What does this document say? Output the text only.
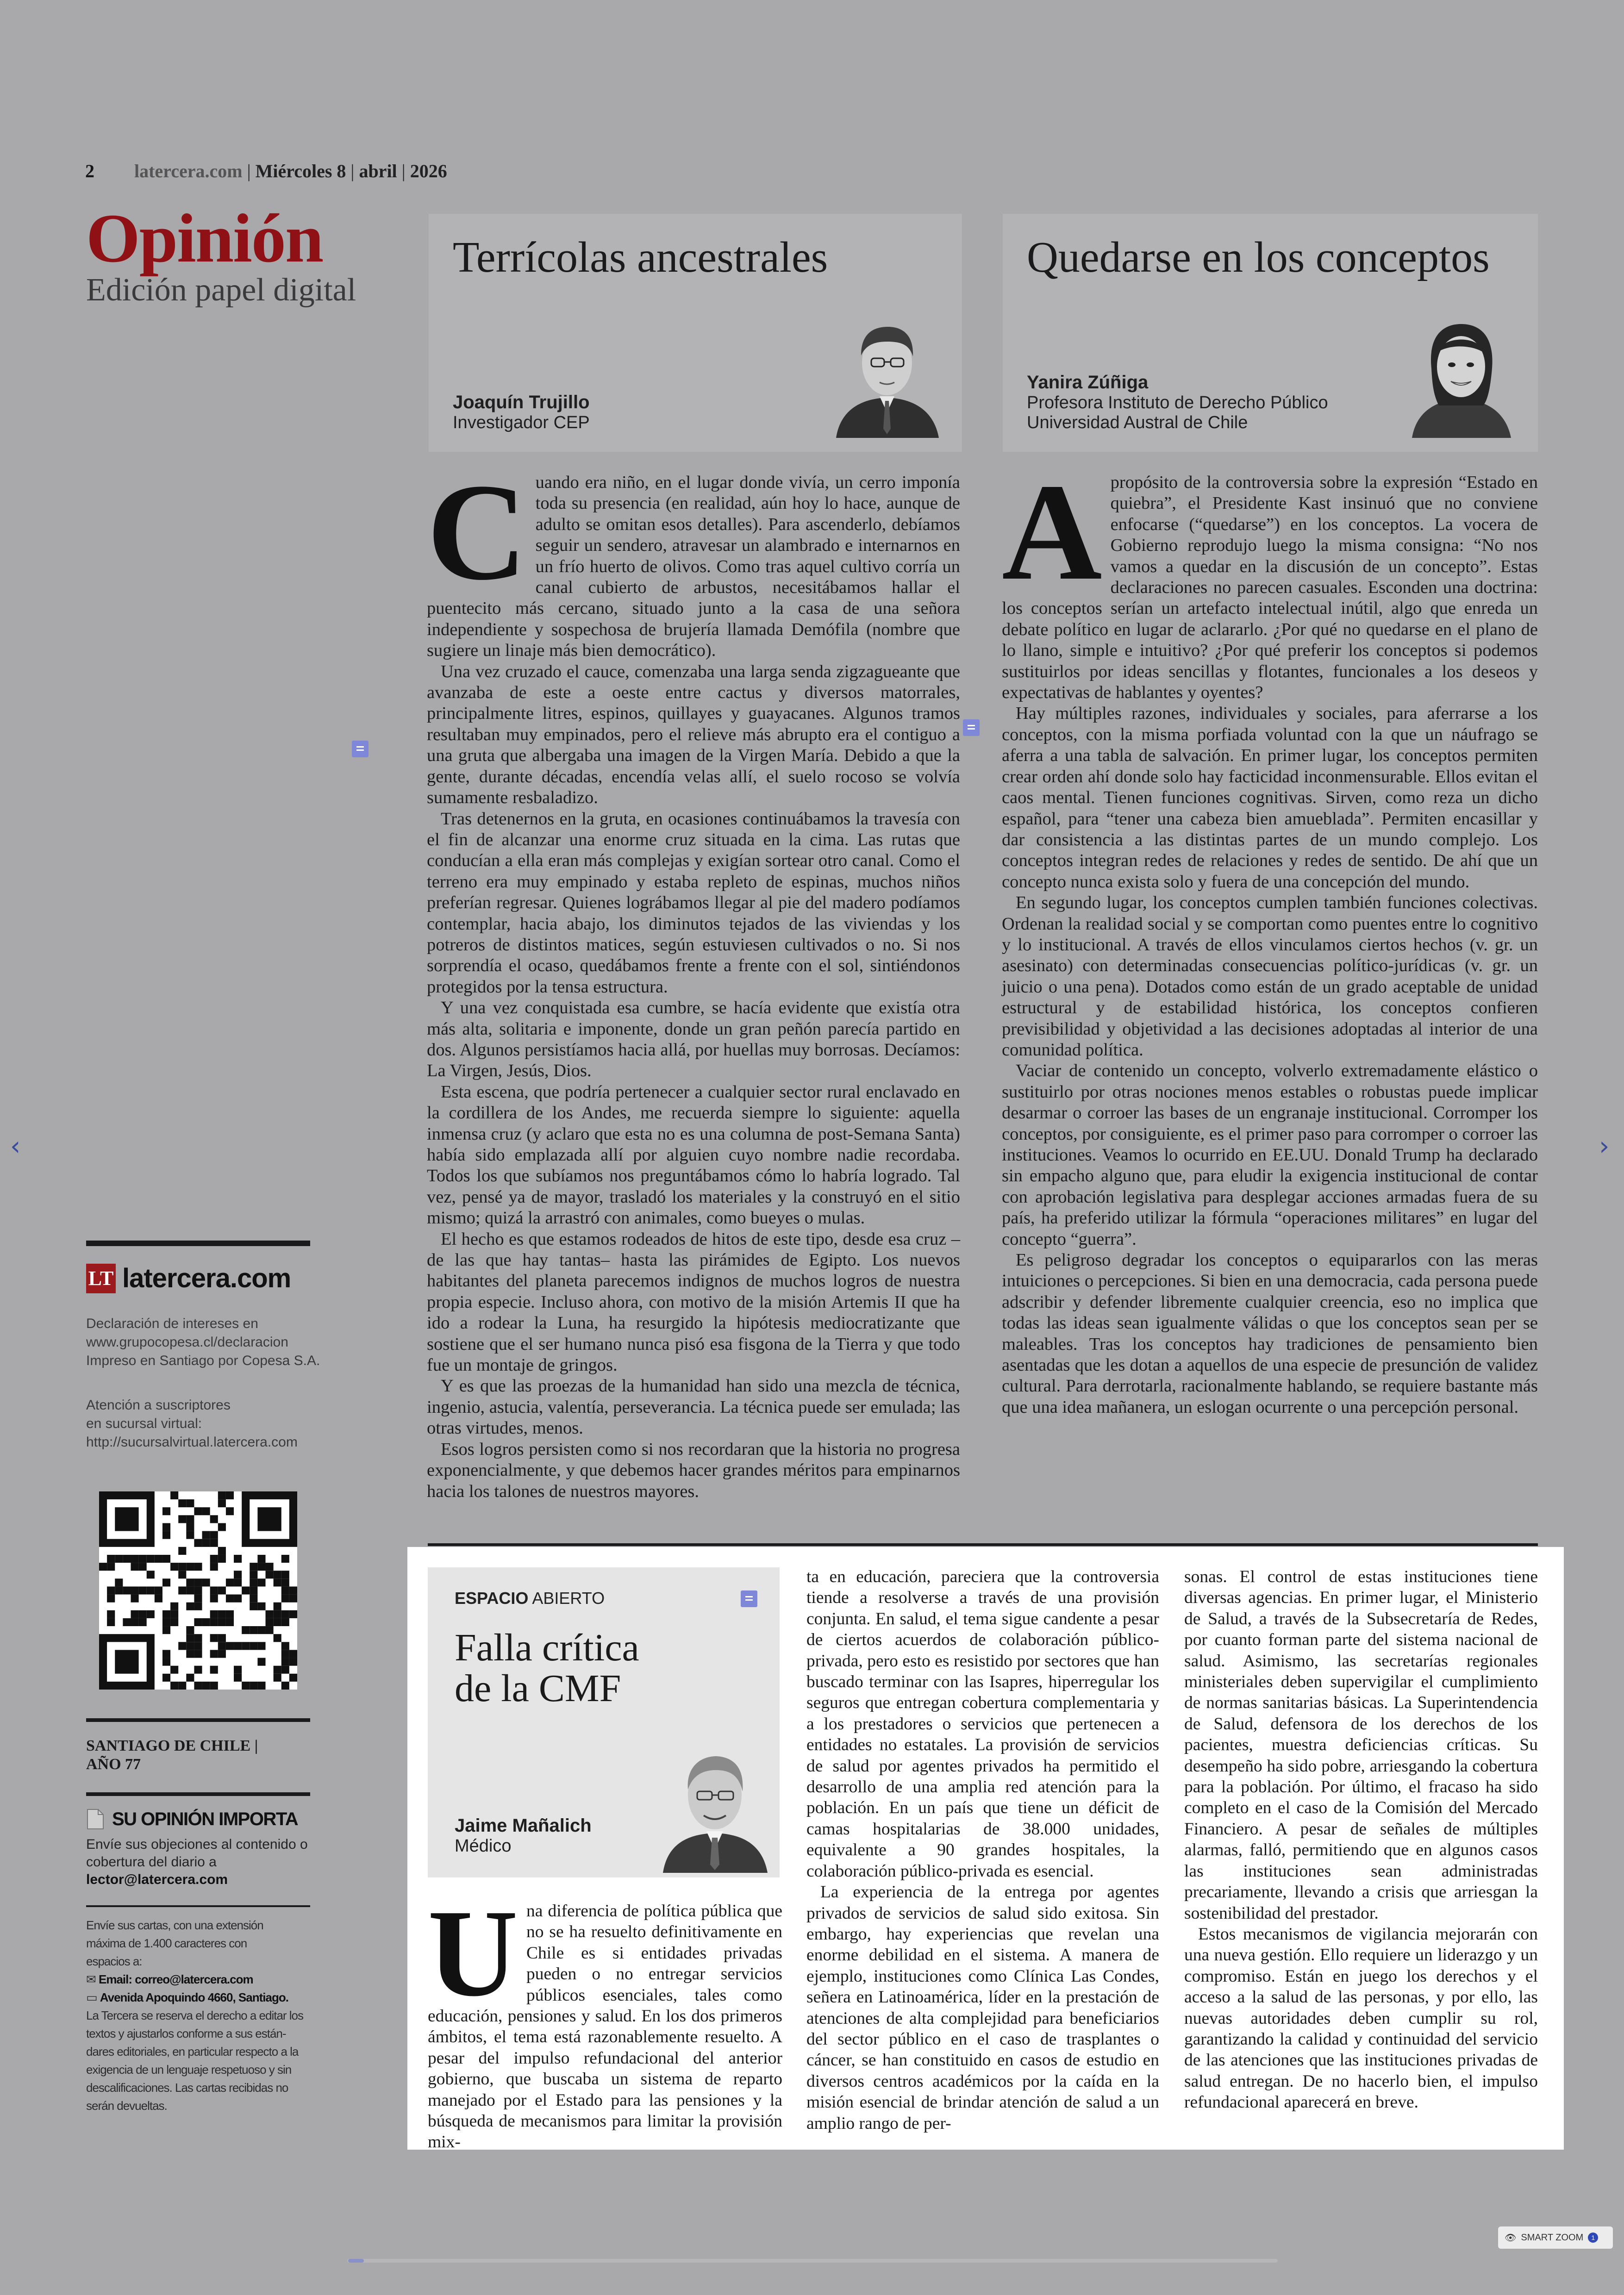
2 latercera.com | Miércoles 8 | abril | 2026
Opinión
Edición papel digital
Terrícolas ancestrales
Joaquín Trujillo
Investigador CEP
Quedarse en los conceptos
Yanira Zúñiga
Profesora Instituto de Derecho Público
Universidad Austral de Chile

Cuando era niño, en el lugar donde vivía, un cerro imponía toda su presencia (en realidad, aún hoy lo hace, aunque de adulto se omitan esos detalles). Para ascenderlo, debíamos seguir un sendero, atravesar un alambrado e internarnos en un frío huerto de olivos. Como tras aquel cultivo corría un canal cubierto de arbustos, necesitábamos hallar el puentecito más cercano, situado junto a la casa de una señora independiente y sospechosa de brujería llamada Demófila (nombre que sugiere un linaje más bien democrático).

Una vez cruzado el cauce, comenzaba una larga senda zigzagueante que avanzaba de este a oeste entre cactus y diversos matorrales, principalmente litres, espinos, quillayes y guayacanes. Algunos tramos resultaban muy empinados, pero el relieve más abrupto era el contiguo a una gruta que albergaba una imagen de la Virgen María. Debido a que la gente, durante décadas, encendía velas allí, el suelo rocoso se volvía sumamente resbaladizo.

Tras detenernos en la gruta, en ocasiones continuábamos la travesía con el fin de alcanzar una enorme cruz situada en la cima. Las rutas que conducían a ella eran más complejas y exigían sortear otro canal. Como el terreno era muy empinado y estaba repleto de espinas, muchos niños preferían regresar. Quienes lográbamos llegar al pie del madero podíamos contemplar, hacia abajo, los diminutos tejados de las viviendas y los potreros de distintos matices, según estuviesen cultivados o no. Si nos sorprendía el ocaso, quedábamos frente a frente con el sol, sintiéndonos protegidos por la tensa estructura.

Y una vez conquistada esa cumbre, se hacía evidente que existía otra más alta, solitaria e imponente, donde un gran peñón parecía partido en dos. Algunos persistíamos hacia allá, por huellas muy borrosas. Decíamos: La Virgen, Jesús, Dios.

Esta escena, que podría pertenecer a cualquier sector rural enclavado en la cordillera de los Andes, me recuerda siempre lo siguiente: aquella inmensa cruz (y aclaro que esta no es una columna de post-Semana Santa) había sido emplazada allí por alguien cuyo nombre nadie recordaba. Todos los que subíamos nos preguntábamos cómo lo habría logrado. Tal vez, pensé ya de mayor, trasladó los materiales y la construyó en el sitio mismo; quizá la arrastró con animales, como bueyes o mulas.

El hecho es que estamos rodeados de hitos de este tipo, desde esa cruz –de las que hay tantas– hasta las pirámides de Egipto. Los nuevos habitantes del planeta parecemos indignos de muchos logros de nuestra propia especie. Incluso ahora, con motivo de la misión Artemis II que ha ido a rodear la Luna, ha resurgido la hipótesis mediocratizante que sostiene que el ser humano nunca pisó esa fisgona de la Tierra y que todo fue un montaje de gringos.

Y es que las proezas de la humanidad han sido una mezcla de técnica, ingenio, astucia, valentía, perseverancia. La técnica puede ser emulada; las otras virtudes, menos.

Esos logros persisten como si nos recordaran que la historia no progresa exponencialmente, y que debemos hacer grandes méritos para empinarnos hacia los talones de nuestros mayores.

Apropósito de la controversia sobre la expresión “Estado en quiebra”, el Presidente Kast insinuó que no conviene enfocarse (“quedarse”) en los conceptos. La vocera de Gobierno reprodujo luego la misma consigna: “No nos vamos a quedar en la discusión de un concepto”. Estas declaraciones no parecen casuales. Esconden una doctrina: los conceptos serían un artefacto intelectual inútil, algo que enreda un debate político en lugar de aclararlo. ¿Por qué no quedarse en el plano de lo llano, simple e intuitivo? ¿Por qué preferir los conceptos si podemos sustituirlos por ideas sencillas y flotantes, funcionales a los deseos y expectativas de hablantes y oyentes?

Hay múltiples razones, individuales y sociales, para aferrarse a los conceptos, con la misma porfiada voluntad con la que un náufrago se aferra a una tabla de salvación. En primer lugar, los conceptos permiten crear orden ahí donde solo hay facticidad inconmensurable. Ellos evitan el caos mental. Tienen funciones cognitivas. Sirven, como reza un dicho español, para “tener una cabeza bien amueblada”. Permiten encasillar y dar consistencia a las distintas partes de un mundo complejo. Los conceptos integran redes de relaciones y redes de sentido. De ahí que un concepto nunca exista solo y fuera de una concepción del mundo.

En segundo lugar, los conceptos cumplen también funciones colectivas. Ordenan la realidad social y se comportan como puentes entre lo cognitivo y lo institucional. A través de ellos vinculamos ciertos hechos (v. gr. un asesinato) con determinadas consecuencias político-jurídicas (v. gr. un juicio o una pena). Dotados como están de un grado aceptable de unidad estructural y de estabilidad histórica, los conceptos confieren previsibilidad y objetividad a las decisiones adoptadas al interior de una comunidad política.

Vaciar de contenido un concepto, volverlo extremadamente elástico o sustituirlo por otras nociones menos estables o robustas puede implicar desarmar o corroer las bases de un engranaje institucional. Corromper los conceptos, por consiguiente, es el primer paso para corromper o corroer las instituciones. Veamos lo ocurrido en EE.UU. Donald Trump ha declarado sin empacho alguno que, para eludir la exigencia institucional de contar con aprobación legislativa para desplegar acciones armadas fuera de su país, ha preferido utilizar la fórmula “operaciones militares” en lugar del concepto “guerra”.

Es peligroso degradar los conceptos o equipararlos con las meras intuiciones o percepciones. Si bien en una democracia, cada persona puede adscribir y defender libremente cualquier creencia, eso no implica que todas las ideas sean igualmente válidas o que los conceptos sean per se maleables. Tras los conceptos hay tradiciones de pensamiento bien asentadas que les dotan a aquellos de una especie de presunción de validez cultural. Para derrotarla, racionalmente hablando, se requiere bastante más que una idea mañanera, un eslogan ocurrente o una percepción personal.

LT latercera.com
Declaración de intereses en
www.grupocopesa.cl/declaracion
Impreso en Santiago por Copesa S.A.
Atención a suscriptores
en sucursal virtual:
http://sucursalvirtual.latercera.com
SANTIAGO DE CHILE |
AÑO 77
SU OPINIÓN IMPORTA
Envíe sus objeciones al contenido o
cobertura del diario a
lector@latercera.com
Envíe sus cartas, con una extensión
máxima de 1.400 caracteres con
espacios a:
✉ Email: correo@latercera.com
▭ Avenida Apoquindo 4660, Santiago.
La Tercera se reserva el derecho a editar los
textos y ajustarlos conforme a sus están-
dares editoriales, en particular respecto a la
exigencia de un lenguaje respetuoso y sin
descalificaciones. Las cartas recibidas no
serán devueltas.
ESPACIO ABIERTO
Falla crítica
de la CMF
Jaime Mañalich
Médico

Una diferencia de política pública que no se ha resuelto definitivamente en Chile es si entidades privadas pueden o no entregar servicios públicos esenciales, tales como educación, pensiones y salud. En los dos primeros ámbitos, el tema está razonablemente resuelto. A pesar del impulso refundacional del anterior gobierno, que buscaba un sistema de reparto manejado por el Estado para las pensiones y la búsqueda de mecanismos para limitar la provisión mix-

ta en educación, pareciera que la controversia tiende a resolverse a través de una provisión conjunta. En salud, el tema sigue candente a pesar de ciertos acuerdos de colaboración público-privada, pero esto es resistido por sectores que han buscado terminar con las Isapres, hiperregular los seguros que entregan cobertura complementaria y a los prestadores o servicios que pertenecen a entidades no estatales. La provisión de servicios de salud por agentes privados ha permitido el desarrollo de una amplia red atención para la población. En un país que tiene un déficit de camas hospitalarias de 38.000 unidades, equivalente a 90 grandes hospitales, la colaboración público-privada es esencial.

La experiencia de la entrega por agentes privados de servicios de salud sido exitosa. Sin embargo, hay experiencias que revelan una enorme debilidad en el sistema. A manera de ejemplo, instituciones como Clínica Las Condes, señera en Latinoamérica, líder en la prestación de atenciones de alta complejidad para beneficiarios del sector público en el caso de trasplantes o cáncer, se han constituido en casos de estudio en diversos centros académicos por la caída en la misión esencial de brindar atención de salud a un amplio rango de per-

sonas. El control de estas instituciones tiene diversas agencias. En primer lugar, el Ministerio de Salud, a través de la Subsecretaría de Redes, por cuanto forman parte del sistema nacional de salud. Asimismo, las secretarías regionales ministeriales deben supervigilar el cumplimiento de normas sanitarias básicas. La Superintendencia de Salud, defensora de los derechos de los pacientes, muestra deficiencias críticas. Su desempeño ha sido pobre, arriesgando la cobertura para la población. Por último, el fracaso ha sido completo en el caso de la Comisión del Mercado Financiero. A pesar de señales de múltiples alarmas, falló, permitiendo que en algunos casos las instituciones sean administradas precariamente, llevando a crisis que arriesgan la sostenibilidad del prestador.

Estos mecanismos de vigilancia mejorarán con una nueva gestión. Ello requiere un liderazgo y un compromiso. Están en juego los derechos y el acceso a la salud de las personas, y por ello, las nuevas autoridades deben cumplir su rol, garantizando la calidad y continuidad del servicio de las atenciones que las instituciones privadas de salud entregan. De no hacerlo bien, el impulso refundacional aparecerá en breve.

‹	›
👁 SMART ZOOM	1
